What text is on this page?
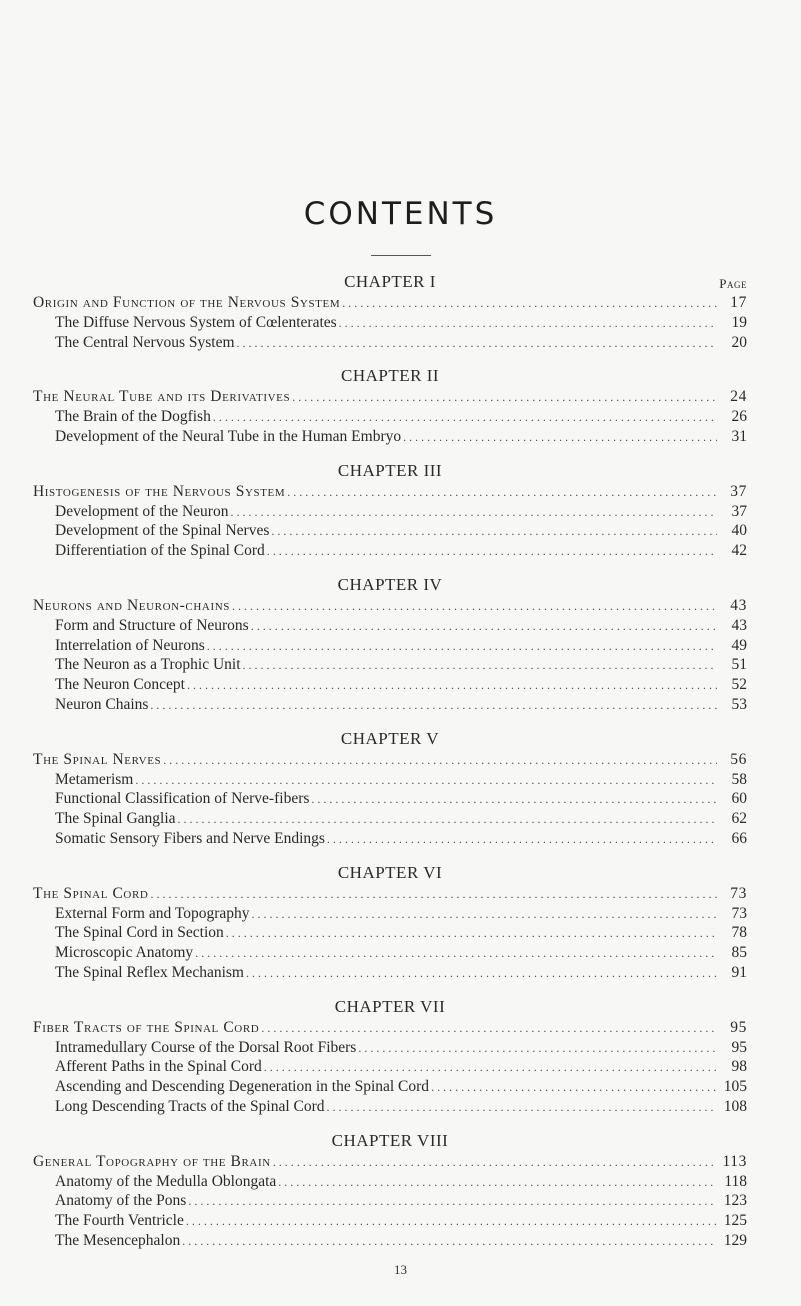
CONTENTS
CHAPTER I	Page
Origin and Function of the Nervous System . . .	17
The Diffuse Nervous System of Cœlenterates . . .	19
The Central Nervous System . . .	20
CHAPTER II
The Neural Tube and its Derivatives . . .	24
The Brain of the Dogfish . . .	26
Development of the Neural Tube in the Human Embryo . . .	31
CHAPTER III
Histogenesis of the Nervous System . . .	37
Development of the Neuron . . .	37
Development of the Spinal Nerves . . .	40
Differentiation of the Spinal Cord . . .	42
CHAPTER IV
Neurons and Neuron-chains . . .	43
Form and Structure of Neurons . . .	43
Interrelation of Neurons . . .	49
The Neuron as a Trophic Unit . . .	51
The Neuron Concept . . .	52
Neuron Chains . . .	53
CHAPTER V
The Spinal Nerves . . .	56
Metamerism . . .	58
Functional Classification of Nerve-fibers . . .	60
The Spinal Ganglia . . .	62
Somatic Sensory Fibers and Nerve Endings . . .	66
CHAPTER VI
The Spinal Cord . . .	73
External Form and Topography . . .	73
The Spinal Cord in Section . . .	78
Microscopic Anatomy . . .	85
The Spinal Reflex Mechanism . . .	91
CHAPTER VII
Fiber Tracts of the Spinal Cord . . .	95
Intramedullary Course of the Dorsal Root Fibers . . .	95
Afferent Paths in the Spinal Cord . . .	98
Ascending and Descending Degeneration in the Spinal Cord . . .	105
Long Descending Tracts of the Spinal Cord . . .	108
CHAPTER VIII
General Topography of the Brain . . .	113
Anatomy of the Medulla Oblongata . . .	118
Anatomy of the Pons . . .	123
The Fourth Ventricle . . .	125
The Mesencephalon . . .	129
13
